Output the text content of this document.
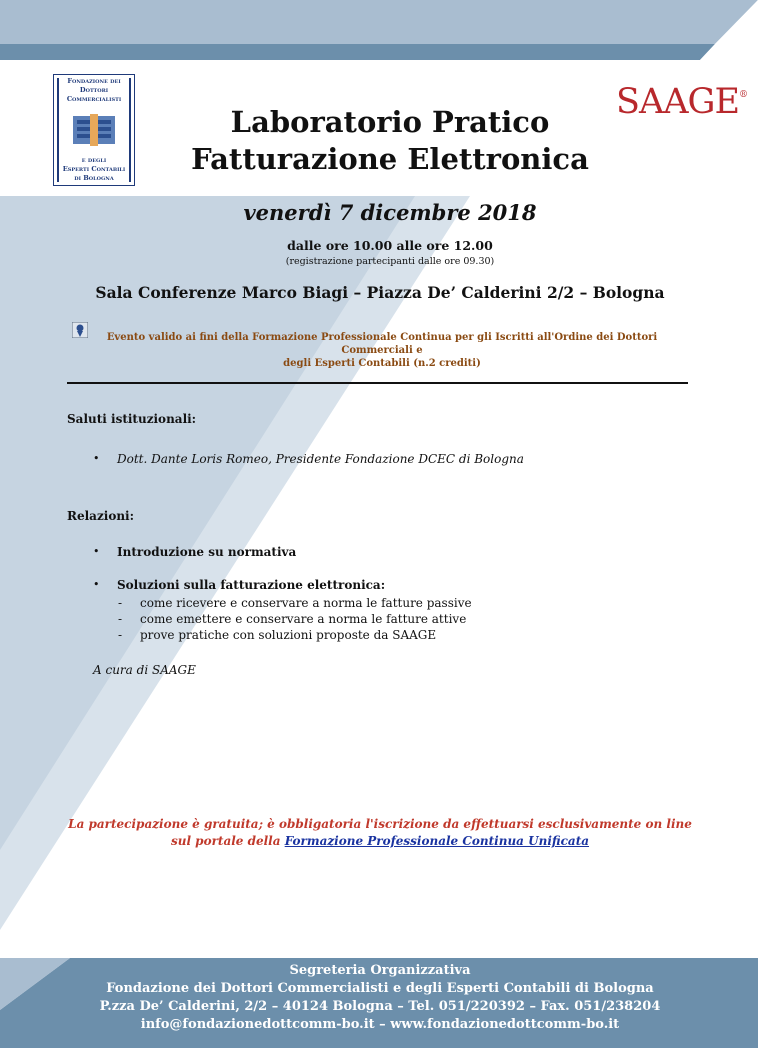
Fondazione dei
Dottori
Commercialisti
e degli
Esperti Contabili
di Bologna
SAAGE®
Laboratorio Pratico
Fatturazione Elettronica
venerdì 7 dicembre 2018
dalle ore 10.00 alle ore 12.00
(registrazione partecipanti dalle ore 09.30)
Sala Conferenze Marco Biagi – Piazza De’ Calderini 2/2 – Bologna
Evento valido ai fini della Formazione Professionale Continua per gli Iscritti all'Ordine dei Dottori Commerciali e
degli Esperti Contabili (n.2 crediti)
Saluti istituzionali:
• Dott. Dante Loris Romeo, Presidente Fondazione DCEC di Bologna
Relazioni:
• Introduzione su normativa
• Soluzioni sulla fatturazione elettronica:
- come ricevere e conservare a norma le fatture passive
- come emettere e conservare a norma le fatture attive
- prove pratiche con soluzioni proposte da SAAGE
A cura di SAAGE
La partecipazione è gratuita; è obbligatoria l'iscrizione da effettuarsi esclusivamente on line
sul portale della Formazione Professionale Continua Unificata
Segreteria Organizzativa
Fondazione dei Dottori Commercialisti e degli Esperti Contabili di Bologna
P.zza De’ Calderini, 2/2 – 40124 Bologna – Tel. 051/220392 – Fax. 051/238204
info@fondazionedottcomm-bo.it – www.fondazionedottcomm-bo.it
